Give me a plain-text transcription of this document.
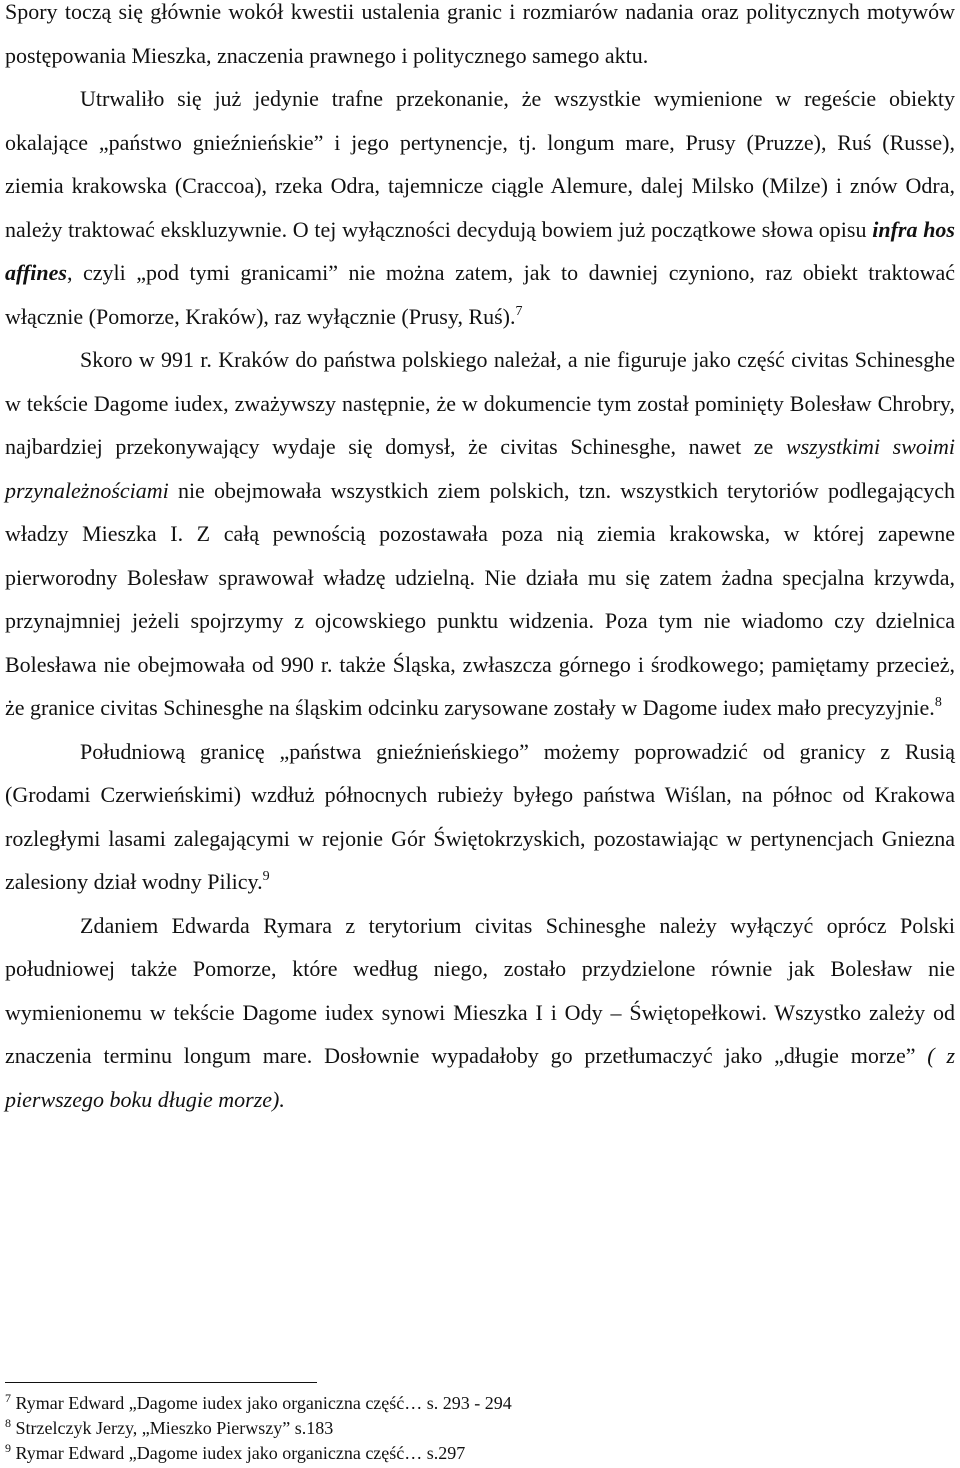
Spory toczą się głównie wokół kwestii ustalenia granic i rozmiarów nadania oraz politycznych motywów postępowania Mieszka, znaczenia prawnego i politycznego samego aktu.

Utrwaliło się już jedynie trafne przekonanie, że wszystkie wymienione w regeście obiekty okalające „państwo gnieźnieńskie” i jego pertynencje, tj. longum mare, Prusy (Pruzze), Ruś (Russe), ziemia krakowska (Craccoa), rzeka Odra, tajemnicze ciągle Alemure, dalej Milsko (Milze) i znów Odra, należy traktować ekskluzywnie. O tej wyłączności decydują bowiem już początkowe słowa opisu infra hos affines, czyli „pod tymi granicami” nie można zatem, jak to dawniej czyniono, raz obiekt traktować włącznie (Pomorze, Kraków), raz wyłącznie (Prusy, Ruś).$^7$

Skoro w 991 r. Kraków do państwa polskiego należał, a nie figuruje jako część civitas Schinesghe w tekście Dagome iudex, zważywszy następnie, że w dokumencie tym został pominięty Bolesław Chrobry, najbardziej przekonywający wydaje się domysł, że civitas Schinesghe, nawet ze wszystkimi swoimi przynależnościami nie obejmowała wszystkich ziem polskich, tzn. wszystkich terytoriów podlegających władzy Mieszka I. Z całą pewnością pozostawała poza nią ziemia krakowska, w której zapewne pierworodny Bolesław sprawował władzę udzielną. Nie działa mu się zatem żadna specjalna krzywda, przynajmniej jeżeli spojrzymy z ojcowskiego punktu widzenia. Poza tym nie wiadomo czy dzielnica Bolesława nie obejmowała od 990 r. także Śląska, zwłaszcza górnego i środkowego; pamiętamy przecież, że granice civitas Schinesghe na śląskim odcinku zarysowane zostały w Dagome iudex mało precyzyjnie.$^8$

Południową granicę „państwa gnieźnieńskiego” możemy poprowadzić od granicy z Rusią (Grodami Czerwieńskimi) wzdłuż północnych rubieży byłego państwa Wiślan, na północ od Krakowa rozległymi lasami zalegającymi w rejonie Gór Świętokrzyskich, pozostawiając w pertynencjach Gniezna zalesiony dział wodny Pilicy.$^9$

Zdaniem Edwarda Rymara z terytorium civitas Schinesghe należy wyłączyć oprócz Polski południowej także Pomorze, które według niego, zostało przydzielone równie jak Bolesław nie wymienionemu w tekście Dagome iudex synowi Mieszka I i Ody – Świętopełkowi. Wszystko zależy od znaczenia terminu longum mare. Dosłownie wypadałoby go przetłumaczyć jako „długie morze” ( z pierwszego boku długie morze).

$^7$ Rymar Edward „Dagome iudex jako organiczna część… s. 293 - 294

$^8$ Strzelczyk Jerzy, „Mieszko Pierwszy” s.183

$^9$ Rymar Edward „Dagome iudex jako organiczna część… s.297
